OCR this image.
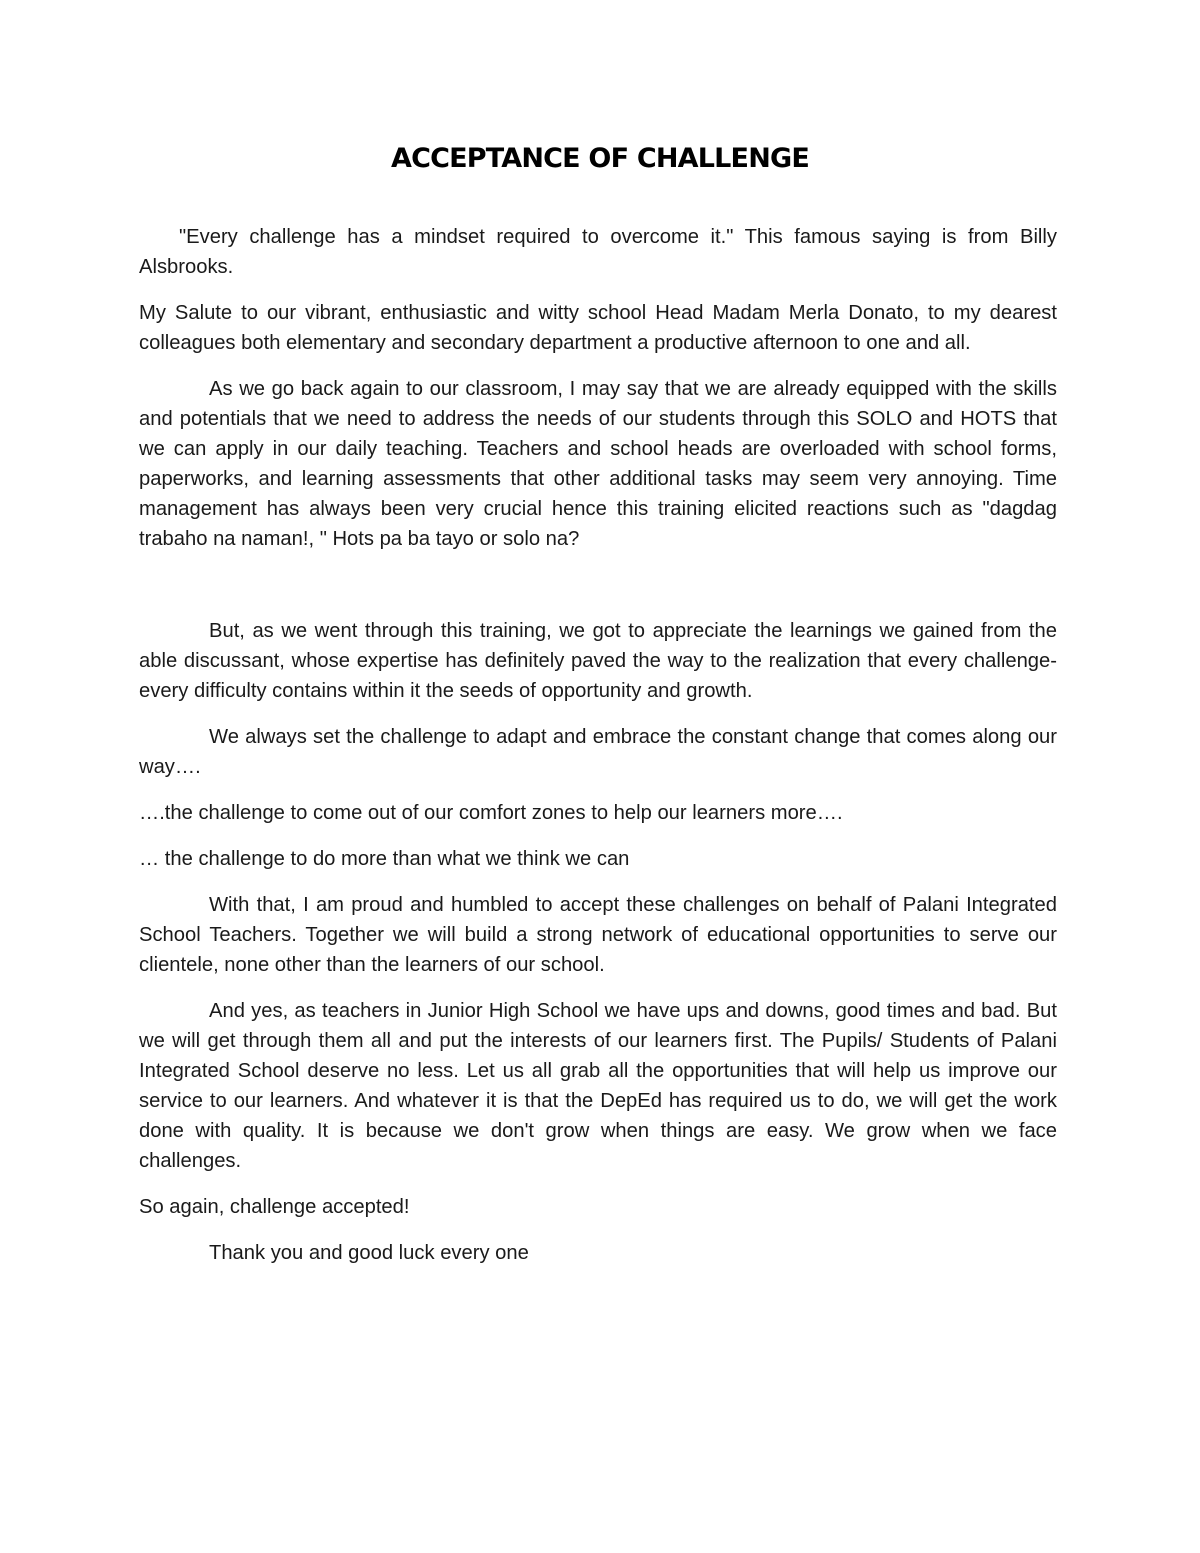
ACCEPTANCE OF CHALLENGE

"Every challenge has a mindset required to overcome it." This famous saying is from Billy Alsbrooks.

My Salute to our vibrant, enthusiastic and witty school Head Madam Merla Donato, to my dearest colleagues both elementary and secondary department a productive afternoon to one and all.

As we go back again to our classroom, I may say that we are already equipped with the skills and potentials that we need to address the needs of our students through this SOLO and HOTS that we can apply in our daily teaching. Teachers and school heads are overloaded with school forms, paperworks, and learning assessments that other additional tasks may seem very annoying. Time management has always been very crucial hence this training elicited reactions such as "dagdag trabaho na naman!, " Hots pa ba tayo or solo na?

But, as we went through this training, we got to appreciate the learnings we gained from the able discussant, whose expertise has definitely paved the way to the realization that every challenge-every difficulty contains within it the seeds of opportunity and growth.

We always set the challenge to adapt and embrace the constant change that comes along our way….

….the challenge to come out of our comfort zones to help our learners more….

… the challenge to do more than what we think we can

With that, I am proud and humbled to accept these challenges on behalf of Palani Integrated School Teachers. Together we will build a strong network of educational opportunities to serve our clientele, none other than the learners of our school.

And yes, as teachers in Junior High School we have ups and downs, good times and bad. But we will get through them all and put the interests of our learners first. The Pupils/ Students of Palani Integrated School deserve no less. Let us all grab all the opportunities that will help us improve our service to our learners. And whatever it is that the DepEd has required us to do, we will get the work done with quality. It is because we don't grow when things are easy. We grow when we face challenges.

So again, challenge accepted!

Thank you and good luck every one
